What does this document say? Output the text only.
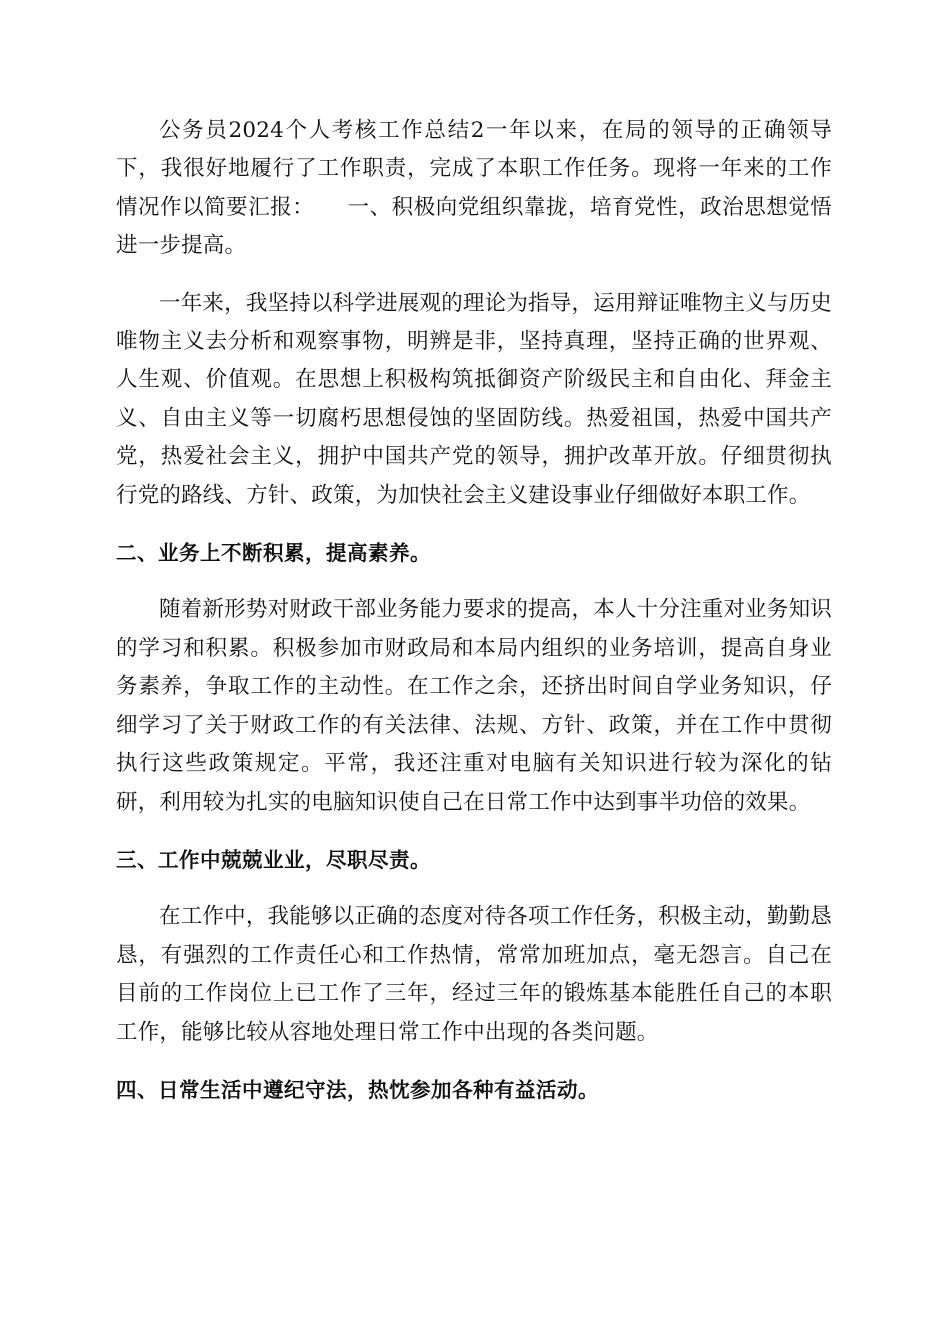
公务员2024个人考核工作总结2一年以来，在局的领导的正确领导下，我很好地履行了工作职责，完成了本职工作任务。现将一年来的工作情况作以简要汇报：　　一、积极向党组织靠拢，培育党性，政治思想觉悟进一步提高。

一年来，我坚持以科学进展观的理论为指导，运用辩证唯物主义与历史唯物主义去分析和观察事物，明辨是非，坚持真理，坚持正确的世界观、人生观、价值观。在思想上积极构筑抵御资产阶级民主和自由化、拜金主义、自由主义等一切腐朽思想侵蚀的坚固防线。热爱祖国，热爱中国共产党，热爱社会主义，拥护中国共产党的领导，拥护改革开放。仔细贯彻执行党的路线、方针、政策，为加快社会主义建设事业仔细做好本职工作。

二、业务上不断积累，提高素养。

随着新形势对财政干部业务能力要求的提高，本人十分注重对业务知识的学习和积累。积极参加市财政局和本局内组织的业务培训，提高自身业务素养，争取工作的主动性。在工作之余，还挤出时间自学业务知识，仔细学习了关于财政工作的有关法律、法规、方针、政策，并在工作中贯彻执行这些政策规定。平常，我还注重对电脑有关知识进行较为深化的钻研，利用较为扎实的电脑知识使自己在日常工作中达到事半功倍的效果。

三、工作中兢兢业业，尽职尽责。

在工作中，我能够以正确的态度对待各项工作任务，积极主动，勤勤恳恳，有强烈的工作责任心和工作热情，常常加班加点，毫无怨言。自己在目前的工作岗位上已工作了三年，经过三年的锻炼基本能胜任自己的本职工作，能够比较从容地处理日常工作中出现的各类问题。

四、日常生活中遵纪守法，热忱参加各种有益活动。
